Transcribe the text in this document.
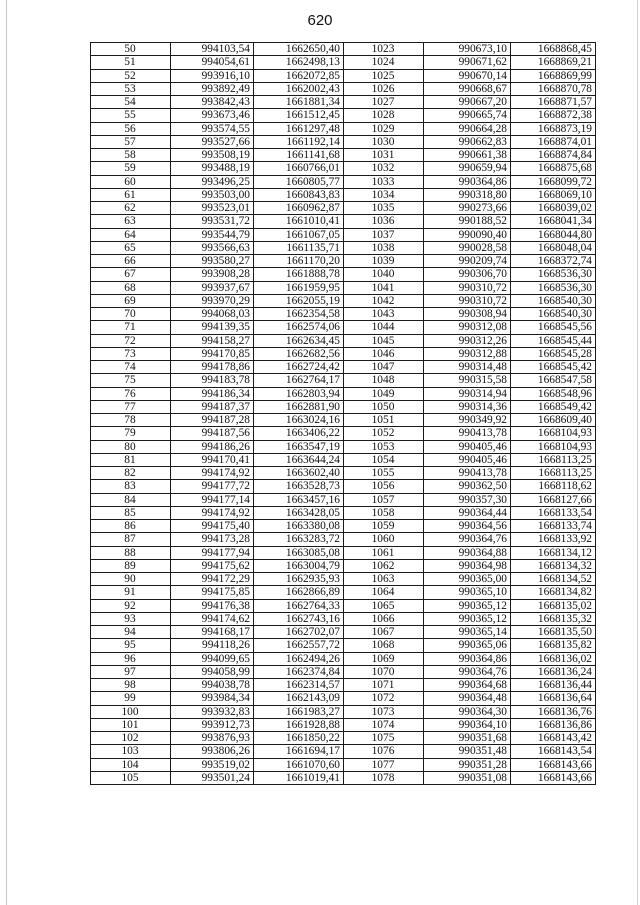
620
50	994103,54	1662650,40	1023	990673,10	1668868,45
51	994054,61	1662498,13	1024	990671,62	1668869,21
52	993916,10	1662072,85	1025	990670,14	1668869,99
53	993892,49	1662002,43	1026	990668,67	1668870,78
54	993842,43	1661881,34	1027	990667,20	1668871,57
55	993673,46	1661512,45	1028	990665,74	1668872,38
56	993574,55	1661297,48	1029	990664,28	1668873,19
57	993527,66	1661192,14	1030	990662,83	1668874,01
58	993508,19	1661141,68	1031	990661,38	1668874,84
59	993488,19	1660766,01	1032	990659,94	1668875,68
60	993496,25	1660805,77	1033	990364,86	1668099,72
61	993503,00	1660843,83	1034	990318,80	1668069,10
62	993523,01	1660962,87	1035	990273,66	1668039,02
63	993531,72	1661010,41	1036	990188,52	1668041,34
64	993544,79	1661067,05	1037	990090,40	1668044,80
65	993566,63	1661135,71	1038	990028,58	1668048,04
66	993580,27	1661170,20	1039	990209,74	1668372,74
67	993908,28	1661888,78	1040	990306,70	1668536,30
68	993937,67	1661959,95	1041	990310,72	1668536,30
69	993970,29	1662055,19	1042	990310,72	1668540,30
70	994068,03	1662354,58	1043	990308,94	1668540,30
71	994139,35	1662574,06	1044	990312,08	1668545,56
72	994158,27	1662634,45	1045	990312,26	1668545,44
73	994170,85	1662682,56	1046	990312,88	1668545,28
74	994178,86	1662724,42	1047	990314,48	1668545,42
75	994183,78	1662764,17	1048	990315,58	1668547,58
76	994186,34	1662803,94	1049	990314,94	1668548,96
77	994187,37	1662881,90	1050	990314,36	1668549,42
78	994187,28	1663024,16	1051	990349,92	1668609,40
79	994187,56	1663406,22	1052	990413,78	1668104,93
80	994186,26	1663547,19	1053	990405,46	1668104,93
81	994170,41	1663644,24	1054	990405,46	1668113,25
82	994174,92	1663602,40	1055	990413,78	1668113,25
83	994177,72	1663528,73	1056	990362,50	1668118,62
84	994177,14	1663457,16	1057	990357,30	1668127,66
85	994174,92	1663428,05	1058	990364,44	1668133,54
86	994175,40	1663380,08	1059	990364,56	1668133,74
87	994173,28	1663283,72	1060	990364,76	1668133,92
88	994177,94	1663085,08	1061	990364,88	1668134,12
89	994175,62	1663004,79	1062	990364,98	1668134,32
90	994172,29	1662935,93	1063	990365,00	1668134,52
91	994175,85	1662866,89	1064	990365,10	1668134,82
92	994176,38	1662764,33	1065	990365,12	1668135,02
93	994174,62	1662743,16	1066	990365,12	1668135,32
94	994168,17	1662702,07	1067	990365,14	1668135,50
95	994118,26	1662557,72	1068	990365,06	1668135,82
96	994099,65	1662494,26	1069	990364,86	1668136,02
97	994058,99	1662374,84	1070	990364,76	1668136,24
98	994038,78	1662314,57	1071	990364,68	1668136,44
99	993984,34	1662143,09	1072	990364,48	1668136,64
100	993932,83	1661983,27	1073	990364,30	1668136,76
101	993912,73	1661928,88	1074	990364,10	1668136,86
102	993876,93	1661850,22	1075	990351,68	1668143,42
103	993806,26	1661694,17	1076	990351,48	1668143,54
104	993519,02	1661070,60	1077	990351,28	1668143,66
105	993501,24	1661019,41	1078	990351,08	1668143,66
